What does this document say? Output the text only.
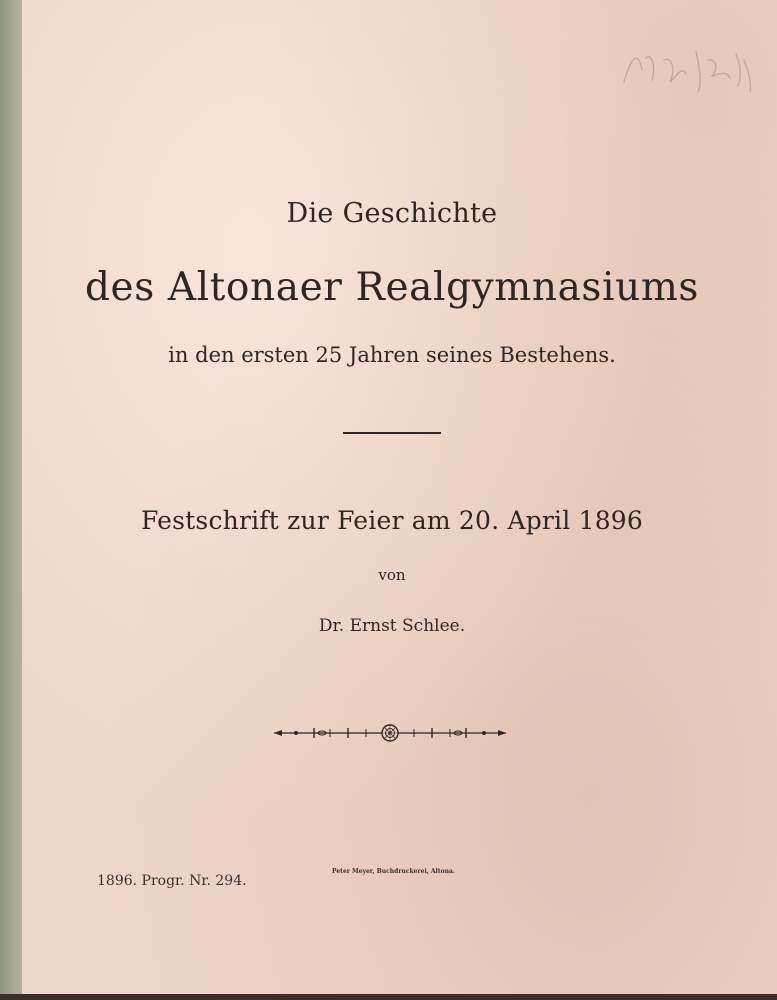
Die Geschichte

des Altonaer Realgymnasiums

in den ersten 25 Jahren seines Bestehens.

Festschrift zur Feier am 20. April 1896

von

Dr. Ernst Schlee.

1896. Progr. Nr. 294.

Peter Meyer, Buchdruckerei, Altona.
